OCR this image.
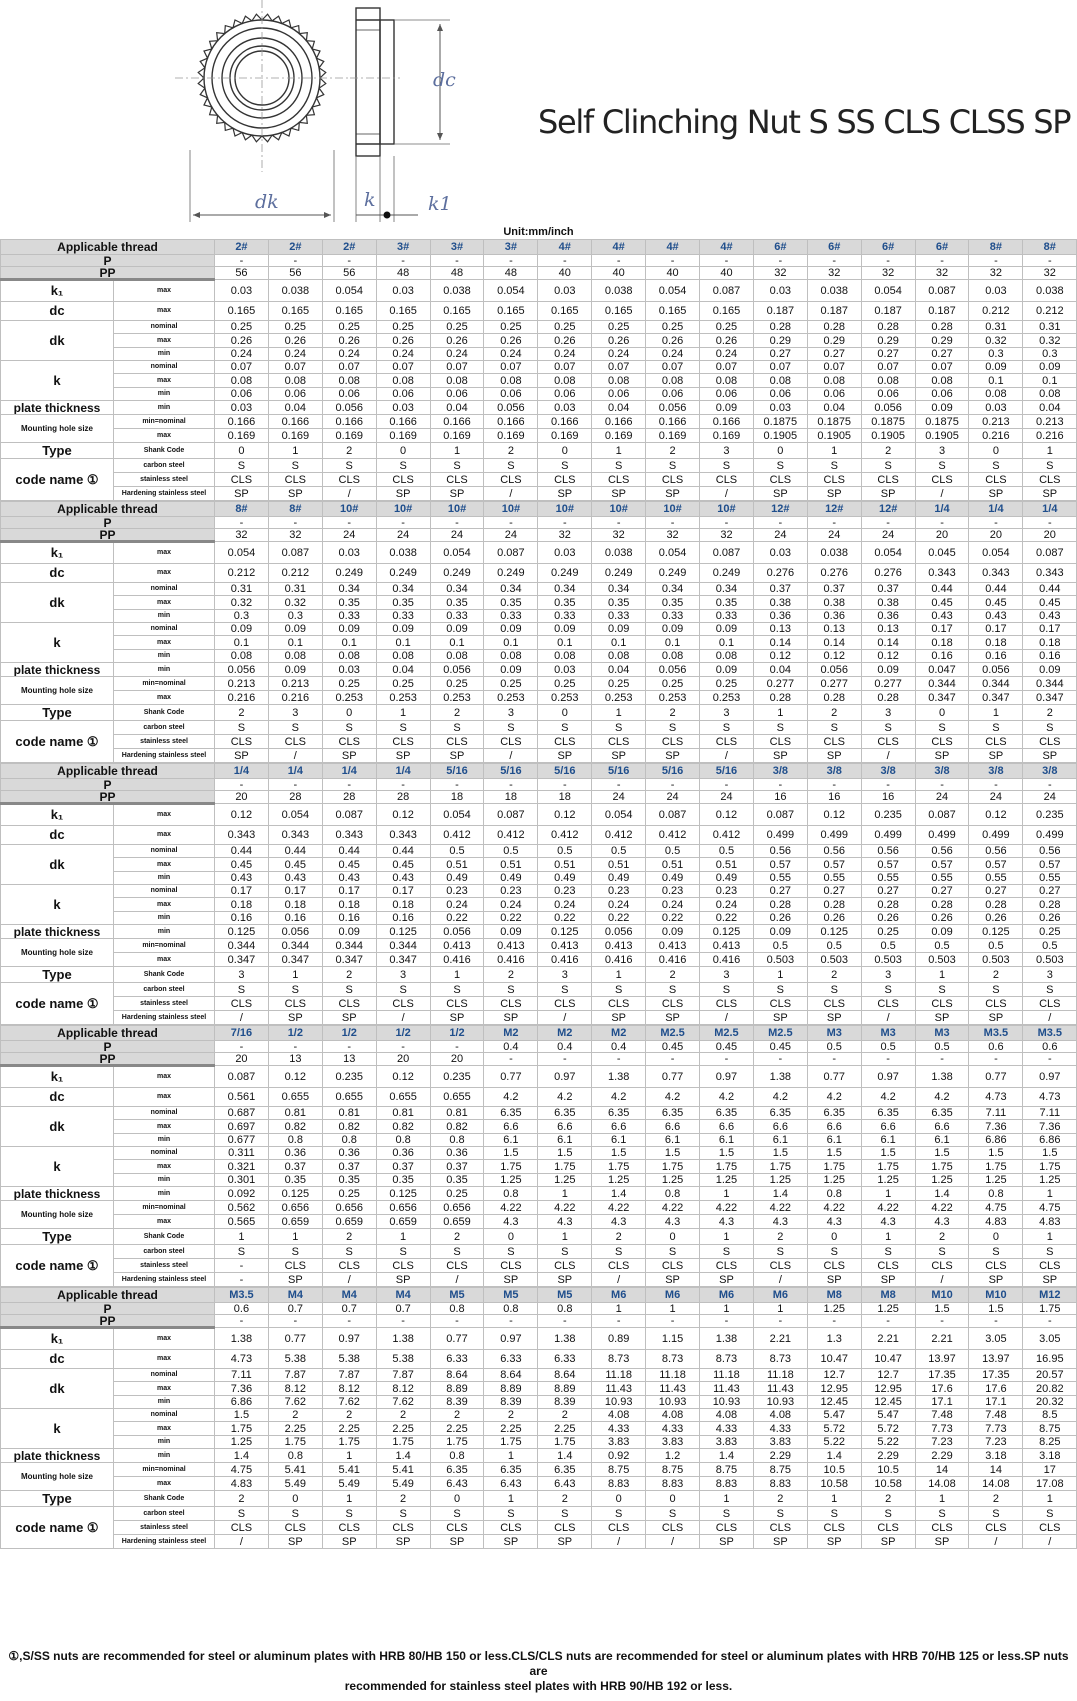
dk
dc
k	k1
Self Clinching Nut S SS CLS CLSS SP
Unit:mm/inch
Applicable thread		2#	2#	2#	3#	3#	3#	4#	4#	4#	4#	6#	6#	6#	6#	8#	8#
P		-	-	-	-	-	-	-	-	-	-	-	-	-	-	-	-
PP		56	56	56	48	48	48	40	40	40	40	32	32	32	32	32	32
k₁	max	0.03	0.038	0.054	0.03	0.038	0.054	0.03	0.038	0.054	0.087	0.03	0.038	0.054	0.087	0.03	0.038
dc	max	0.165	0.165	0.165	0.165	0.165	0.165	0.165	0.165	0.165	0.165	0.187	0.187	0.187	0.187	0.212	0.212
dk	nominal	0.25	0.25	0.25	0.25	0.25	0.25	0.25	0.25	0.25	0.25	0.28	0.28	0.28	0.28	0.31	0.31
	max	0.26	0.26	0.26	0.26	0.26	0.26	0.26	0.26	0.26	0.26	0.29	0.29	0.29	0.29	0.32	0.32
	min	0.24	0.24	0.24	0.24	0.24	0.24	0.24	0.24	0.24	0.24	0.27	0.27	0.27	0.27	0.3	0.3
k	nominal	0.07	0.07	0.07	0.07	0.07	0.07	0.07	0.07	0.07	0.07	0.07	0.07	0.07	0.07	0.09	0.09
	max	0.08	0.08	0.08	0.08	0.08	0.08	0.08	0.08	0.08	0.08	0.08	0.08	0.08	0.08	0.1	0.1
	min	0.06	0.06	0.06	0.06	0.06	0.06	0.06	0.06	0.06	0.06	0.06	0.06	0.06	0.06	0.08	0.08
plate thickness	min	0.03	0.04	0.056	0.03	0.04	0.056	0.03	0.04	0.056	0.09	0.03	0.04	0.056	0.09	0.03	0.04
Mounting hole size	min=nominal	0.166	0.166	0.166	0.166	0.166	0.166	0.166	0.166	0.166	0.166	0.1875	0.1875	0.1875	0.1875	0.213	0.213
	max	0.169	0.169	0.169	0.169	0.169	0.169	0.169	0.169	0.169	0.169	0.1905	0.1905	0.1905	0.1905	0.216	0.216
Type	Shank Code	0	1	2	0	1	2	0	1	2	3	0	1	2	3	0	1
code name ①	carbon steel	S	S	S	S	S	S	S	S	S	S	S	S	S	S	S	S
	stainless steel	CLS	CLS	CLS	CLS	CLS	CLS	CLS	CLS	CLS	CLS	CLS	CLS	CLS	CLS	CLS	CLS
	Hardening stainless steel	SP	SP	/	SP	SP	/	SP	SP	SP	/	SP	SP	SP	/	SP	SP
Applicable thread		8#	8#	10#	10#	10#	10#	10#	10#	10#	10#	12#	12#	12#	1/4	1/4	1/4
P		-	-	-	-	-	-	-	-	-	-	-	-	-	-	-	-
PP		32	32	24	24	24	24	32	32	32	32	24	24	24	20	20	20
k₁	max	0.054	0.087	0.03	0.038	0.054	0.087	0.03	0.038	0.054	0.087	0.03	0.038	0.054	0.045	0.054	0.087
dc	max	0.212	0.212	0.249	0.249	0.249	0.249	0.249	0.249	0.249	0.249	0.276	0.276	0.276	0.343	0.343	0.343
dk	nominal	0.31	0.31	0.34	0.34	0.34	0.34	0.34	0.34	0.34	0.34	0.37	0.37	0.37	0.44	0.44	0.44
	max	0.32	0.32	0.35	0.35	0.35	0.35	0.35	0.35	0.35	0.35	0.38	0.38	0.38	0.45	0.45	0.45
	min	0.3	0.3	0.33	0.33	0.33	0.33	0.33	0.33	0.33	0.33	0.36	0.36	0.36	0.43	0.43	0.43
k	nominal	0.09	0.09	0.09	0.09	0.09	0.09	0.09	0.09	0.09	0.09	0.13	0.13	0.13	0.17	0.17	0.17
	max	0.1	0.1	0.1	0.1	0.1	0.1	0.1	0.1	0.1	0.1	0.14	0.14	0.14	0.18	0.18	0.18
	min	0.08	0.08	0.08	0.08	0.08	0.08	0.08	0.08	0.08	0.08	0.12	0.12	0.12	0.16	0.16	0.16
plate thickness	min	0.056	0.09	0.03	0.04	0.056	0.09	0.03	0.04	0.056	0.09	0.04	0.056	0.09	0.047	0.056	0.09
Mounting hole size	min=nominal	0.213	0.213	0.25	0.25	0.25	0.25	0.25	0.25	0.25	0.25	0.277	0.277	0.277	0.344	0.344	0.344
	max	0.216	0.216	0.253	0.253	0.253	0.253	0.253	0.253	0.253	0.253	0.28	0.28	0.28	0.347	0.347	0.347
Type	Shank Code	2	3	0	1	2	3	0	1	2	3	1	2	3	0	1	2
code name ①	carbon steel	S	S	S	S	S	S	S	S	S	S	S	S	S	S	S	S
	stainless steel	CLS	CLS	CLS	CLS	CLS	CLS	CLS	CLS	CLS	CLS	CLS	CLS	CLS	CLS	CLS	CLS
	Hardening stainless steel	SP	/	SP	SP	SP	/	SP	SP	SP	/	SP	SP	/	SP	SP	SP
Applicable thread		1/4	1/4	1/4	1/4	5/16	5/16	5/16	5/16	5/16	5/16	3/8	3/8	3/8	3/8	3/8	3/8
P		-	-	-	-	-	-	-	-	-	-	-	-	-	-	-	-
PP		20	28	28	28	18	18	18	24	24	24	16	16	16	24	24	24
k₁	max	0.12	0.054	0.087	0.12	0.054	0.087	0.12	0.054	0.087	0.12	0.087	0.12	0.235	0.087	0.12	0.235
dc	max	0.343	0.343	0.343	0.343	0.412	0.412	0.412	0.412	0.412	0.412	0.499	0.499	0.499	0.499	0.499	0.499
dk	nominal	0.44	0.44	0.44	0.44	0.5	0.5	0.5	0.5	0.5	0.5	0.56	0.56	0.56	0.56	0.56	0.56
	max	0.45	0.45	0.45	0.45	0.51	0.51	0.51	0.51	0.51	0.51	0.57	0.57	0.57	0.57	0.57	0.57
	min	0.43	0.43	0.43	0.43	0.49	0.49	0.49	0.49	0.49	0.49	0.55	0.55	0.55	0.55	0.55	0.55
k	nominal	0.17	0.17	0.17	0.17	0.23	0.23	0.23	0.23	0.23	0.23	0.27	0.27	0.27	0.27	0.27	0.27
	max	0.18	0.18	0.18	0.18	0.24	0.24	0.24	0.24	0.24	0.24	0.28	0.28	0.28	0.28	0.28	0.28
	min	0.16	0.16	0.16	0.16	0.22	0.22	0.22	0.22	0.22	0.22	0.26	0.26	0.26	0.26	0.26	0.26
plate thickness	min	0.125	0.056	0.09	0.125	0.056	0.09	0.125	0.056	0.09	0.125	0.09	0.125	0.25	0.09	0.125	0.25
Mounting hole size	min=nominal	0.344	0.344	0.344	0.344	0.413	0.413	0.413	0.413	0.413	0.413	0.5	0.5	0.5	0.5	0.5	0.5
	max	0.347	0.347	0.347	0.347	0.416	0.416	0.416	0.416	0.416	0.416	0.503	0.503	0.503	0.503	0.503	0.503
Type	Shank Code	3	1	2	3	1	2	3	1	2	3	1	2	3	1	2	3
code name ①	carbon steel	S	S	S	S	S	S	S	S	S	S	S	S	S	S	S	S
	stainless steel	CLS	CLS	CLS	CLS	CLS	CLS	CLS	CLS	CLS	CLS	CLS	CLS	CLS	CLS	CLS	CLS
	Hardening stainless steel	/	SP	SP	/	SP	SP	/	SP	SP	/	SP	SP	/	SP	SP	/
Applicable thread		7/16	1/2	1/2	1/2	1/2	M2	M2	M2	M2.5	M2.5	M2.5	M3	M3	M3	M3.5	M3.5
P		-	-	-	-	-	0.4	0.4	0.4	0.45	0.45	0.45	0.5	0.5	0.5	0.6	0.6
PP		20	13	13	20	20	-	-	-	-	-	-	-	-	-	-	-
k₁	max	0.087	0.12	0.235	0.12	0.235	0.77	0.97	1.38	0.77	0.97	1.38	0.77	0.97	1.38	0.77	0.97
dc	max	0.561	0.655	0.655	0.655	0.655	4.2	4.2	4.2	4.2	4.2	4.2	4.2	4.2	4.2	4.73	4.73
dk	nominal	0.687	0.81	0.81	0.81	0.81	6.35	6.35	6.35	6.35	6.35	6.35	6.35	6.35	6.35	7.11	7.11
	max	0.697	0.82	0.82	0.82	0.82	6.6	6.6	6.6	6.6	6.6	6.6	6.6	6.6	6.6	7.36	7.36
	min	0.677	0.8	0.8	0.8	0.8	6.1	6.1	6.1	6.1	6.1	6.1	6.1	6.1	6.1	6.86	6.86
k	nominal	0.311	0.36	0.36	0.36	0.36	1.5	1.5	1.5	1.5	1.5	1.5	1.5	1.5	1.5	1.5	1.5
	max	0.321	0.37	0.37	0.37	0.37	1.75	1.75	1.75	1.75	1.75	1.75	1.75	1.75	1.75	1.75	1.75
	min	0.301	0.35	0.35	0.35	0.35	1.25	1.25	1.25	1.25	1.25	1.25	1.25	1.25	1.25	1.25	1.25
plate thickness	min	0.092	0.125	0.25	0.125	0.25	0.8	1	1.4	0.8	1	1.4	0.8	1	1.4	0.8	1
Mounting hole size	min=nominal	0.562	0.656	0.656	0.656	0.656	4.22	4.22	4.22	4.22	4.22	4.22	4.22	4.22	4.22	4.75	4.75
	max	0.565	0.659	0.659	0.659	0.659	4.3	4.3	4.3	4.3	4.3	4.3	4.3	4.3	4.3	4.83	4.83
Type	Shank Code	1	1	2	1	2	0	1	2	0	1	2	0	1	2	0	1
code name ①	carbon steel	S	S	S	S	S	S	S	S	S	S	S	S	S	S	S	S
	stainless steel	-	CLS	CLS	CLS	CLS	CLS	CLS	CLS	CLS	CLS	CLS	CLS	CLS	CLS	CLS	CLS
	Hardening stainless steel	-	SP	/	SP	/	SP	SP	/	SP	SP	/	SP	SP	/	SP	SP
Applicable thread		M3.5	M4	M4	M4	M5	M5	M5	M6	M6	M6	M6	M8	M8	M10	M10	M12
P		0.6	0.7	0.7	0.7	0.8	0.8	0.8	1	1	1	1	1.25	1.25	1.5	1.5	1.75
PP		-	-	-	-	-	-	-	-	-	-	-	-	-	-	-	-
k₁	max	1.38	0.77	0.97	1.38	0.77	0.97	1.38	0.89	1.15	1.38	2.21	1.3	2.21	2.21	3.05	3.05
dc	max	4.73	5.38	5.38	5.38	6.33	6.33	6.33	8.73	8.73	8.73	8.73	10.47	10.47	13.97	13.97	16.95
dk	nominal	7.11	7.87	7.87	7.87	8.64	8.64	8.64	11.18	11.18	11.18	11.18	12.7	12.7	17.35	17.35	20.57
	max	7.36	8.12	8.12	8.12	8.89	8.89	8.89	11.43	11.43	11.43	11.43	12.95	12.95	17.6	17.6	20.82
	min	6.86	7.62	7.62	7.62	8.39	8.39	8.39	10.93	10.93	10.93	10.93	12.45	12.45	17.1	17.1	20.32
k	nominal	1.5	2	2	2	2	2	2	4.08	4.08	4.08	4.08	5.47	5.47	7.48	7.48	8.5
	max	1.75	2.25	2.25	2.25	2.25	2.25	2.25	4.33	4.33	4.33	4.33	5.72	5.72	7.73	7.73	8.75
	min	1.25	1.75	1.75	1.75	1.75	1.75	1.75	3.83	3.83	3.83	3.83	5.22	5.22	7.23	7.23	8.25
plate thickness	min	1.4	0.8	1	1.4	0.8	1	1.4	0.92	1.2	1.4	2.29	1.4	2.29	2.29	3.18	3.18
Mounting hole size	min=nominal	4.75	5.41	5.41	5.41	6.35	6.35	6.35	8.75	8.75	8.75	8.75	10.5	10.5	14	14	17
	max	4.83	5.49	5.49	5.49	6.43	6.43	6.43	8.83	8.83	8.83	8.83	10.58	10.58	14.08	14.08	17.08
Type	Shank Code	2	0	1	2	0	1	2	0	0	1	2	1	2	1	2	1
code name ①	carbon steel	S	S	S	S	S	S	S	S	S	S	S	S	S	S	S	S
	stainless steel	CLS	CLS	CLS	CLS	CLS	CLS	CLS	CLS	CLS	CLS	CLS	CLS	CLS	CLS	CLS	CLS
	Hardening stainless steel	/	SP	SP	SP	SP	SP	SP	/	/	SP	SP	SP	SP	SP	/	/
①,S/SS nuts are recommended for steel or aluminum plates with HRB 80/HB 150 or less.CLS/CLS nuts are recommended for steel or aluminum plates with HRB 70/HB 125 or less.SP nuts are
recommended for stainless steel plates with HRB 90/HB 192 or less.
